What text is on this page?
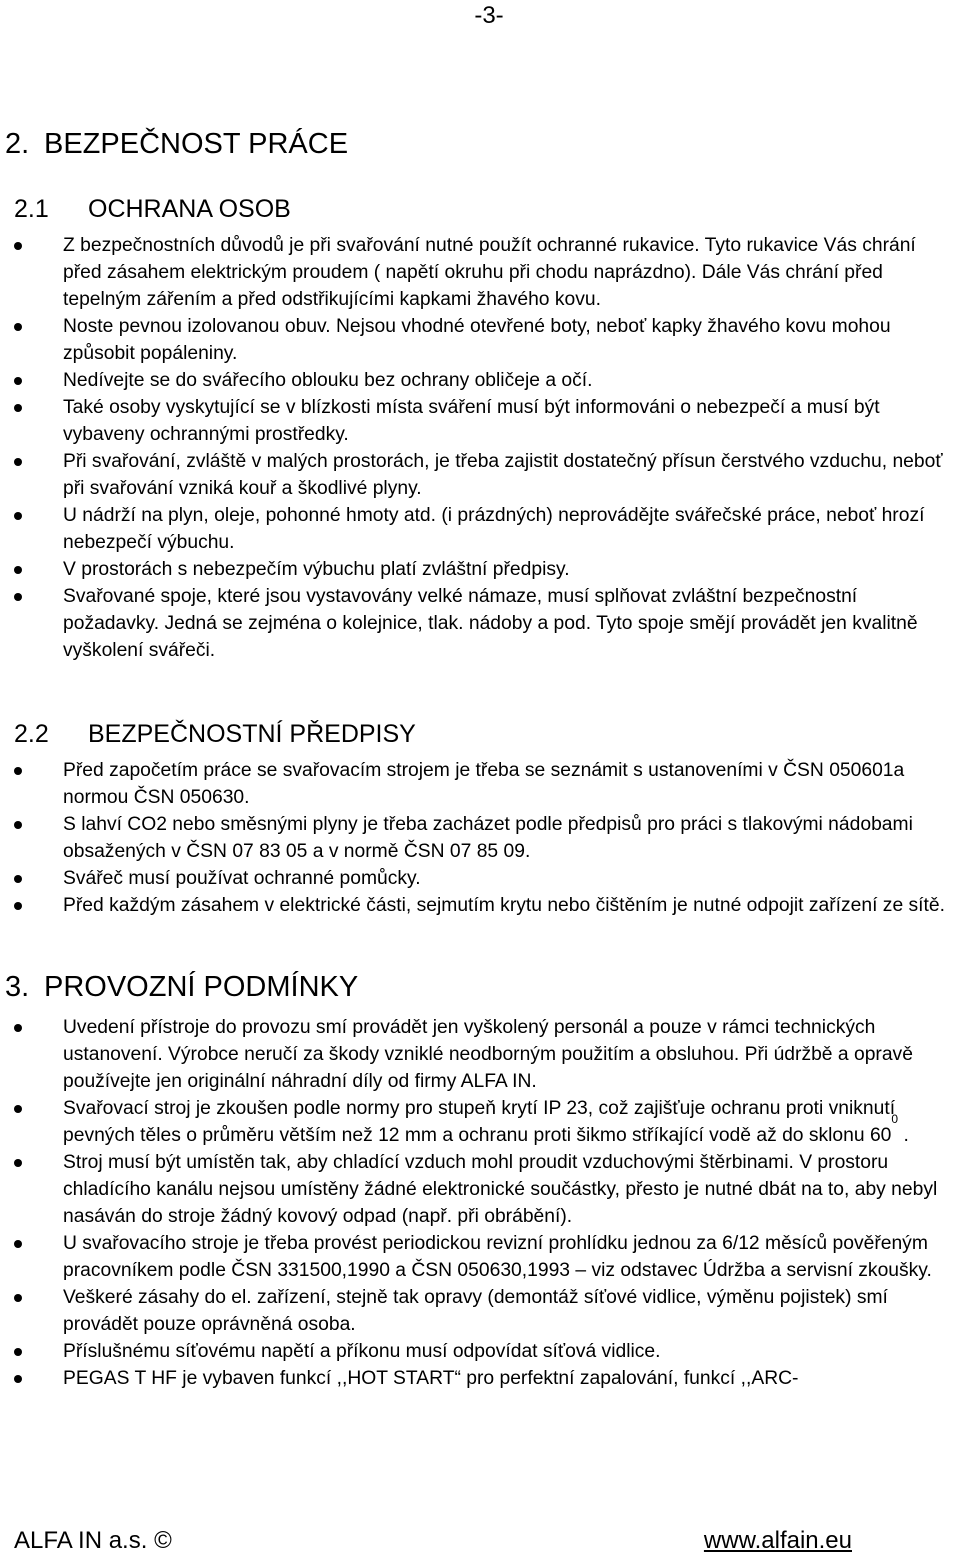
-3-
2. BEZPEČNOST PRÁCE
2.1 OCHRANA OSOB
Z bezpečnostních důvodů je při svařování nutné použít ochranné rukavice. Tyto rukavice Vás chrání před zásahem elektrickým proudem ( napětí okruhu při chodu naprázdno). Dále Vás chrání před tepelným zářením a před odstřikujícími kapkami žhavého kovu.
Noste pevnou izolovanou obuv. Nejsou vhodné otevřené boty, neboť kapky žhavého kovu mohou způsobit popáleniny.
Nedívejte se do svářecího oblouku bez ochrany obličeje a očí.
Také osoby vyskytující se v blízkosti místa sváření musí být informováni o nebezpečí a musí být vybaveny ochrannými prostředky.
Při svařování, zvláště v malých prostorách, je třeba zajistit dostatečný přísun čerstvého vzduchu, neboť při svařování vzniká kouř a škodlivé plyny.
U nádrží na plyn, oleje, pohonné hmoty atd. (i prázdných) neprovádějte svářečské práce, neboť hrozí nebezpečí výbuchu.
V prostorách s nebezpečím výbuchu platí zvláštní předpisy.
Svařované spoje, které jsou vystavovány velké námaze, musí splňovat zvláštní bezpečnostní požadavky. Jedná se zejména o kolejnice, tlak. nádoby a pod. Tyto spoje smějí provádět jen kvalitně vyškolení svářeči.
2.2 BEZPEČNOSTNÍ PŘEDPISY
Před započetím práce se svařovacím strojem je třeba se seznámit s ustanoveními v ČSN 050601a normou ČSN 050630.
S lahví CO2 nebo směsnými plyny je třeba zacházet podle předpisů pro práci s tlakovými nádobami obsažených v ČSN 07 83 05 a v normě ČSN 07 85 09.
Svářeč musí používat ochranné pomůcky.
Před každým zásahem v elektrické části, sejmutím krytu nebo čištěním je nutné odpojit zařízení ze sítě.
3. PROVOZNÍ PODMÍNKY
Uvedení přístroje do provozu smí provádět jen vyškolený personál a pouze v rámci technických ustanovení. Výrobce neručí za škody vzniklé neodborným použitím a obsluhou. Při údržbě a opravě používejte jen originální náhradní díly od firmy ALFA IN.
Svařovací stroj je zkoušen podle normy pro stupeň krytí IP 23, což zajišťuje ochranu proti vniknutí pevných těles o průměru větším než 12 mm a ochranu proti šikmo stříkající vodě až do sklonu $60^0$ .
Stroj musí být umístěn tak, aby chladící vzduch mohl proudit vzduchovými štěrbinami. V prostoru chladícího kanálu nejsou umístěny žádné elektronické součástky, přesto je nutné dbát na to, aby nebyl nasáván do stroje žádný kovový odpad (např. při obrábění).
U svařovacího stroje je třeba provést periodickou revizní prohlídku jednou za 6/12 měsíců pověřeným pracovníkem podle ČSN 331500,1990 a ČSN 050630,1993 – viz odstavec Údržba a servisní zkoušky.
Veškeré zásahy do el. zařízení, stejně tak opravy (demontáž síťové vidlice, výměnu pojistek) smí provádět pouze oprávněná osoba.
Příslušnému síťovému napětí a příkonu musí odpovídat síťová vidlice.
PEGAS T HF je vybaven funkcí ,,HOT START“ pro perfektní zapalování, funkcí ,,ARC-
ALFA IN a.s. ©	www.alfain.eu
